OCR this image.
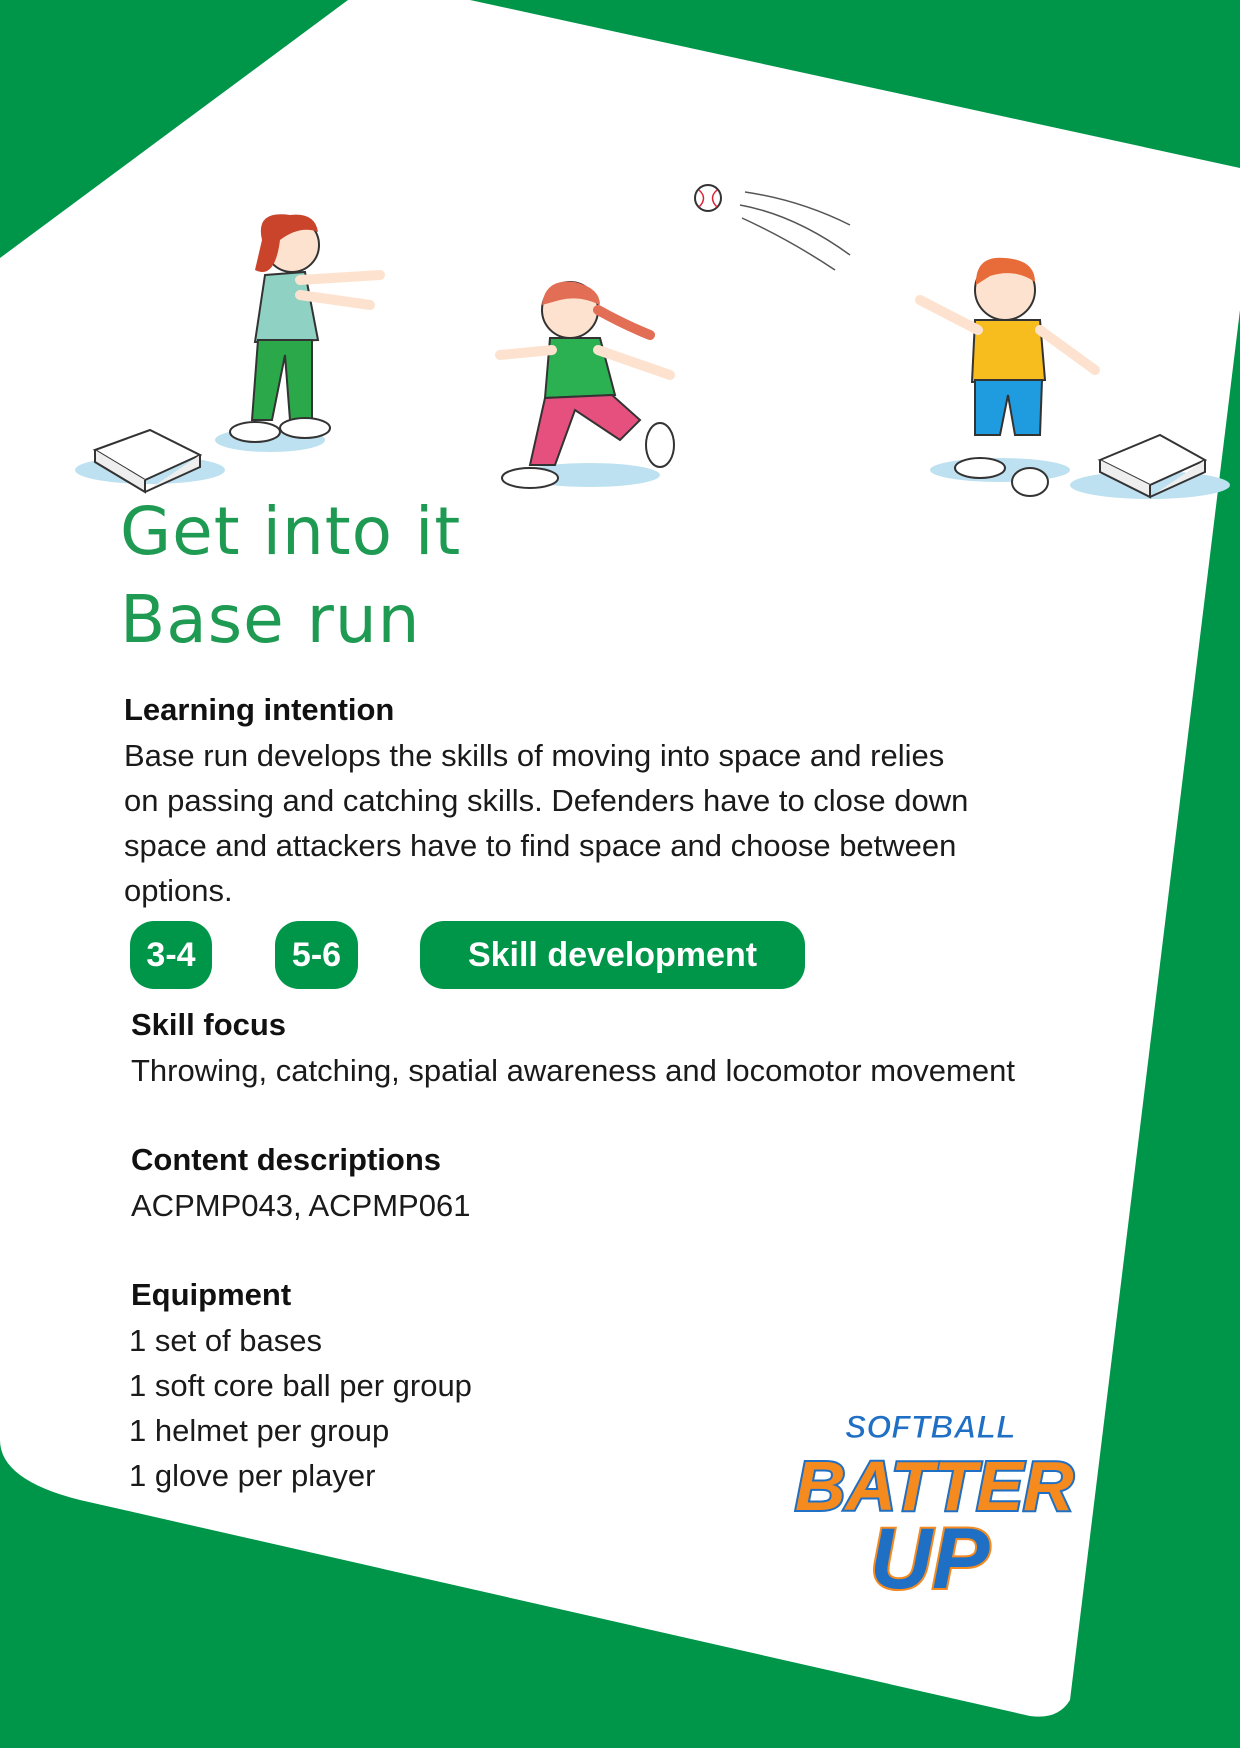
Get into it
Base run
Learning intention
Base run develops the skills of moving into space and relies
on passing and catching skills. Defenders have to close down
space and attackers have to find space and choose between
options.
3-4	5-6	Skill development
Skill focus
Throwing, catching, spatial awareness and locomotor movement
Content descriptions
ACPMP043, ACPMP061
Equipment
1 set of bases
1 soft core ball per group
1 helmet per group
1 glove per player
SOFTBALL
BATTER
UP
